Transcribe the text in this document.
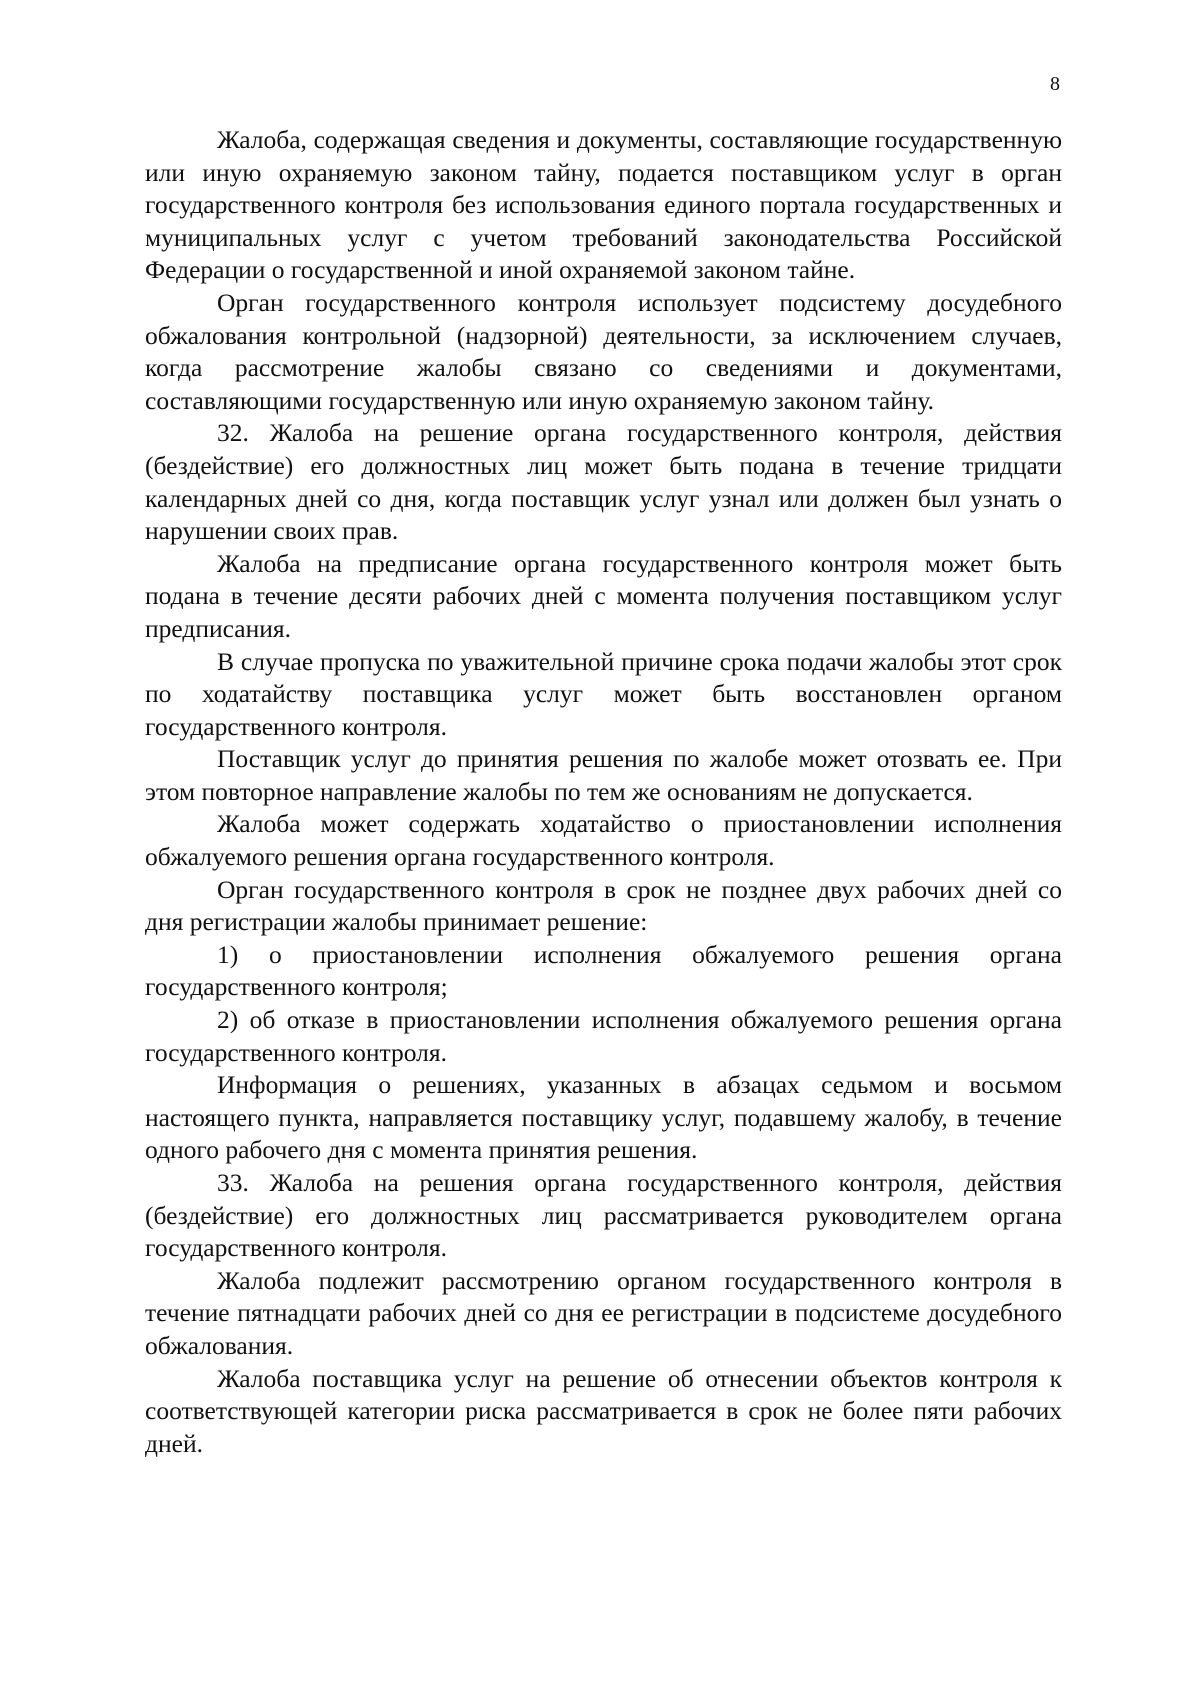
8

Жалоба, содержащая сведения и документы, составляющие государственную или иную охраняемую законом тайну, подается поставщиком услуг в орган государственного контроля без использования единого портала государственных и муниципальных услуг с учетом требований законодательства Российской Федерации о государственной и иной охраняемой законом тайне.

Орган государственного контроля использует подсистему досудебного обжалования контрольной (надзорной) деятельности, за исключением случаев, когда рассмотрение жалобы связано со сведениями и документами, составляющими государственную или иную охраняемую законом тайну.

32. Жалоба на решение органа государственного контроля, действия (бездействие) его должностных лиц может быть подана в течение тридцати календарных дней со дня, когда поставщик услуг узнал или должен был узнать о нарушении своих прав.

Жалоба на предписание органа государственного контроля может быть подана в течение десяти рабочих дней с момента получения поставщиком услуг предписания.

В случае пропуска по уважительной причине срока подачи жалобы этот срок по ходатайству поставщика услуг может быть восстановлен органом государственного контроля.

Поставщик услуг до принятия решения по жалобе может отозвать ее. При этом повторное направление жалобы по тем же основаниям не допускается.

Жалоба может содержать ходатайство о приостановлении исполнения обжалуемого решения органа государственного контроля.

Орган государственного контроля в срок не позднее двух рабочих дней со дня регистрации жалобы принимает решение:

1) о приостановлении исполнения обжалуемого решения органа государственного контроля;

2) об отказе в приостановлении исполнения обжалуемого решения органа государственного контроля.

Информация о решениях, указанных в абзацах седьмом и восьмом настоящего пункта, направляется поставщику услуг, подавшему жалобу, в течение одного рабочего дня с момента принятия решения.

33. Жалоба на решения органа государственного контроля, действия (бездействие) его должностных лиц рассматривается руководителем органа государственного контроля.

Жалоба подлежит рассмотрению органом государственного контроля в течение пятнадцати рабочих дней со дня ее регистрации в подсистеме досудебного обжалования.

Жалоба поставщика услуг на решение об отнесении объектов контроля к соответствующей категории риска рассматривается в срок не более пяти рабочих дней.
